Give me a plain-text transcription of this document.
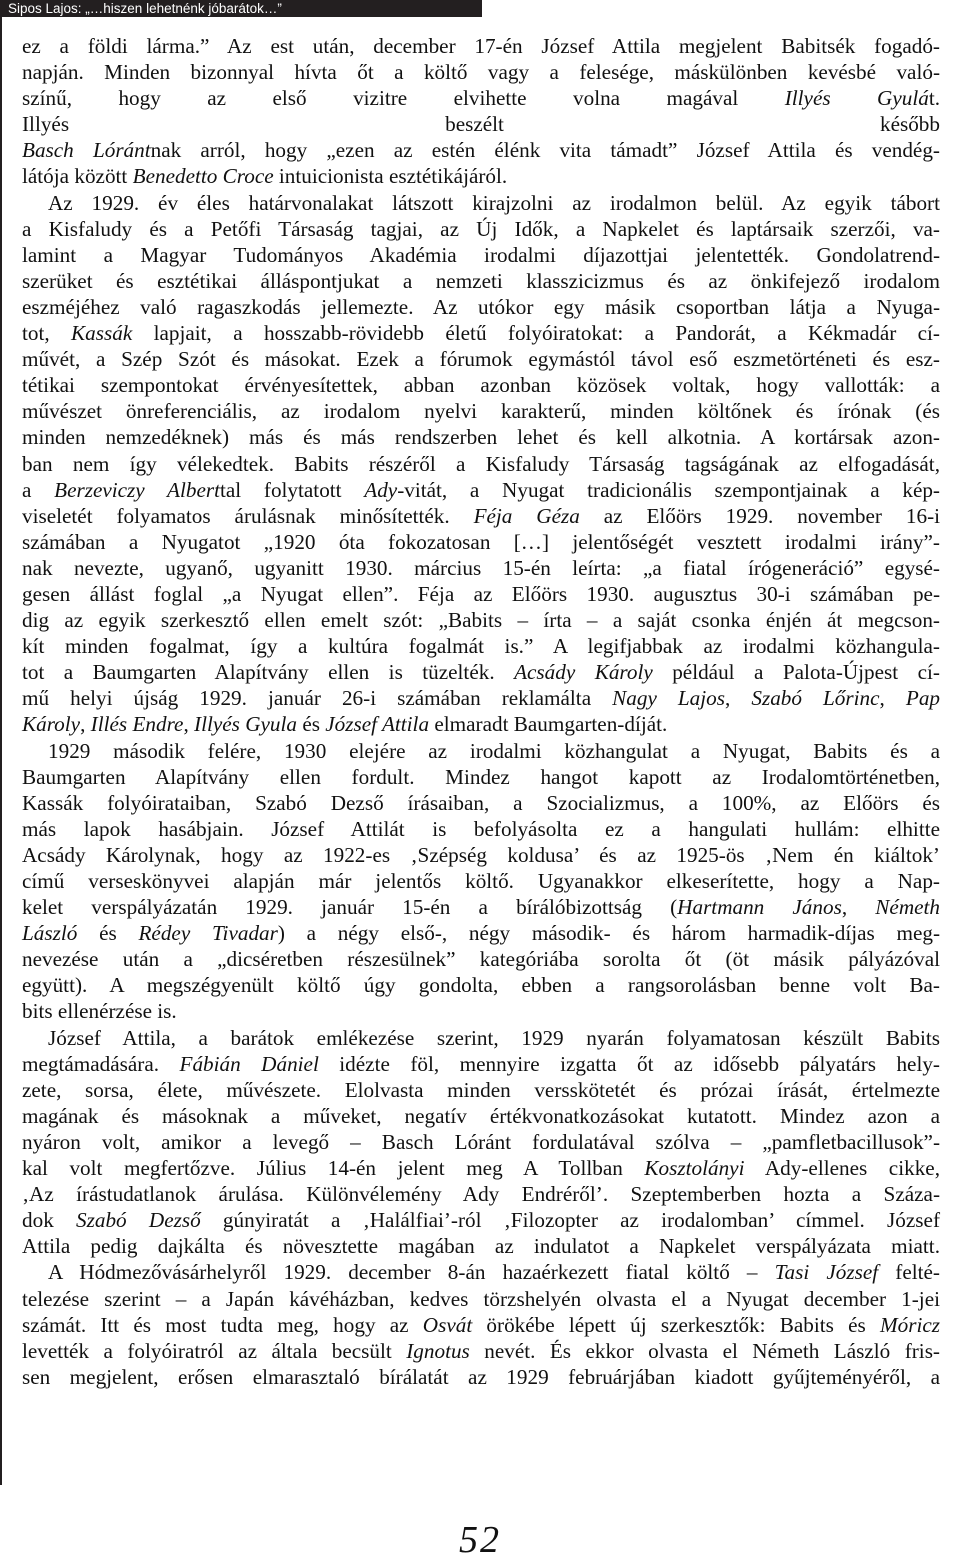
Sipos Lajos: „…hiszen lehetnénk jóbarátok…”
ez a földi lárma.” Az est után, december 17-én József Attila megjelent Babitsék fogadó-
napján. Minden bizonnyal hívta őt a költő vagy a felesége, máskülönben kevésbé való-
színű, hogy az első vizitre elvihette volna magával Illyés Gyulát.
Illyés beszélt később
Basch Lórántnak arról, hogy „ezen az estén élénk vita támadt” József Attila és vendég-
látója között Benedetto Croce intuicionista esztétikájáról.
Az 1929. év éles határvonalakat látszott kirajzolni az irodalmon belül. Az egyik tábort
a Kisfaludy és a Petőfi Társaság tagjai, az Új Idők, a Napkelet és laptársaik szerzői, va-
lamint a Magyar Tudományos Akadémia irodalmi díjazottjai jelentették. Gondolatrend-
szerüket és esztétikai álláspontjukat a nemzeti klasszicizmus és az önkifejező irodalom
eszméjéhez való ragaszkodás jellemezte. Az utókor egy másik csoportban látja a Nyuga-
tot, Kassák lapjait, a hosszabb-rövidebb életű folyóiratokat: a Pandorát, a Kékmadár cí-
művét, a Szép Szót és másokat. Ezek a fórumok egymástól távol eső eszmetörténeti és esz-
tétikai szempontokat érvényesítettek, abban azonban közösek voltak, hogy vallották: a
művészet önreferenciális, az irodalom nyelvi karakterű, minden költőnek és írónak (és
minden nemzedéknek) más és más rendszerben lehet és kell alkotnia. A kortársak azon-
ban nem így vélekedtek. Babits részéről a Kisfaludy Társaság tagságának az elfogadását,
a Berzeviczy Alberttal folytatott Ady-vitát, a Nyugat tradicionális szempontjainak a kép-
viseletét folyamatos árulásnak minősítették. Féja Géza az Előörs 1929. november 16-i
számában a Nyugatot „1920 óta fokozatosan […] jelentőségét vesztett irodalmi irány”-
nak nevezte, ugyanő, ugyanitt 1930. március 15-én leírta: „a fiatal írógeneráció” egysé-
gesen állást foglal „a Nyugat ellen”. Féja az Előörs 1930. augusztus 30-i számában pe-
dig az egyik szerkesztő ellen emelt szót: „Babits – írta – a saját csonka énjén át megcson-
kít minden fogalmat, így a kultúra fogalmát is.” A legifjabbak az irodalmi közhangula-
tot a Baumgarten Alapítvány ellen is tüzelték. Acsády Károly például a Palota-Újpest cí-
mű helyi újság 1929. január 26-i számában reklamálta Nagy Lajos, Szabó Lőrinc, Pap
Károly, Illés Endre, Illyés Gyula és József Attila elmaradt Baumgarten-díját.
1929 második felére, 1930 elejére az irodalmi közhangulat a Nyugat, Babits és a
Baumgarten Alapítvány ellen fordult. Mindez hangot kapott az Irodalomtörténetben,
Kassák folyóirataiban, Szabó Dezső írásaiban, a Szocializmus, a 100%, az Előörs és
más lapok hasábjain. József Attilát is befolyásolta ez a hangulati hullám: elhitte
Acsády Károlynak, hogy az 1922-es ‚Szépség koldusa’ és az 1925-ös ‚Nem én kiáltok’
című verseskönyvei alapján már jelentős költő. Ugyanakkor elkeserítette, hogy a Nap-
kelet verspályázatán 1929. január 15-én a bírálóbizottság (Hartmann János, Németh
László és Rédey Tivadar) a négy első-, négy második- és három harmadik-díjas meg-
nevezése után a „dicséretben részesülnek” kategóriába sorolta őt (öt másik pályázóval
együtt). A megszégyenült költő úgy gondolta, ebben a rangsorolásban benne volt Ba-
bits ellenérzése is.
József Attila, a barátok emlékezése szerint, 1929 nyarán folyamatosan készült Babits
megtámadására. Fábián Dániel idézte föl, mennyire izgatta őt az idősebb pályatárs hely-
zete, sorsa, élete, művészete. Elolvasta minden versskötetét és prózai írását, értelmezte
magának és másoknak a műveket, negatív értékvonatkozásokat kutatott. Mindez azon a
nyáron volt, amikor a levegő – Basch Lóránt fordulatával szólva – „pamfletbacillusok”-
kal volt megfertőzve. Július 14-én jelent meg A Tollban Kosztolányi Ady-ellenes cikke,
‚Az írástudatlanok árulása. Különvélemény Ady Endréről’. Szeptemberben hozta a Száza-
dok Szabó Dezső gúnyiratát a ‚Halálfiai’-ról ‚Filozopter az irodalomban’ címmel. József
Attila pedig dajkálta és növesztette magában az indulatot a Napkelet verspályázata miatt.
A Hódmezővásárhelyről 1929. december 8-án hazaérkezett fiatal költő – Tasi József felté-
telezése szerint – a Japán kávéházban, kedves törzshelyén olvasta el a Nyugat december 1-jei
számát. Itt és most tudta meg, hogy az Osvát örökébe lépett új szerkesztők: Babits és Móricz
levették a folyóiratról az általa becsült Ignotus nevét. És ekkor olvasta el Németh László fris-
sen megjelent, erősen elmarasztaló bírálatát az 1929 februárjában kiadott gyűjteményéről, a
52
